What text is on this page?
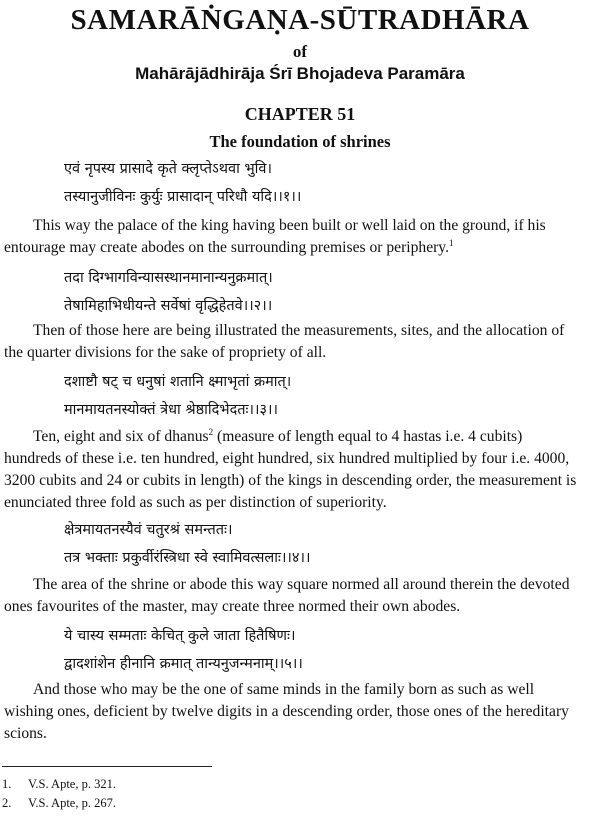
SAMARĀṄGAṆA-SŪTRADHĀRA
of
Mahārājādhirāja Śrī Bhojadeva Paramāra
CHAPTER 51
The foundation of shrines
एवं नृपस्य प्रासादे कृते क्लृप्तेऽथवा भुवि।
तस्यानुजीविनः कुर्युः प्रासादान् परिधौ यदि।।१।।
This way the palace of the king having been built or well laid on the ground, if his
entourage may create abodes on the surrounding premises or periphery.$^1$
तदा दिग्भागविन्यासस्थानमानान्यनुक्रमात्।
तेषामिहाभिधीयन्ते सर्वेषां वृद्धिहेतवे।।२।।
Then of those here are being illustrated the measurements, sites, and the allocation of
the quarter divisions for the sake of propriety of all.
दशाष्टौ षट् च धनुषां शतानि क्ष्माभृतां क्रमात्।
मानमायतनस्योक्तं त्रेधा श्रेष्ठादिभेदतः।।३।।
Ten, eight and six of dhanus$^2$ (measure of length equal to 4 hastas i.e. 4 cubits)
hundreds of these i.e. ten hundred, eight hundred, six hundred multiplied by four i.e. 4000,
3200 cubits and 24 or cubits in length) of the kings in descending order, the measurement is
enunciated three fold as such as per distinction of superiority.
क्षेत्रमायतनस्यैवं चतुरश्रं समन्ततः।
तत्र भक्ताः प्रकुर्वीरंस्त्रिधा स्वे स्वामिवत्सलाः।।४।।
The area of the shrine or abode this way square normed all around therein the devoted
ones favourites of the master, may create three normed their own abodes.
ये चास्य सम्मताः केचित् कुले जाता हितैषिणः।
द्वादशांशेन हीनानि क्रमात् तान्यनुजन्मनाम्।।५।।
And those who may be the one of same minds in the family born as such as well
wishing ones, deficient by twelve digits in a descending order, those ones of the hereditary
scions.
1. V.S. Apte, p. 321.
2. V.S. Apte, p. 267.
